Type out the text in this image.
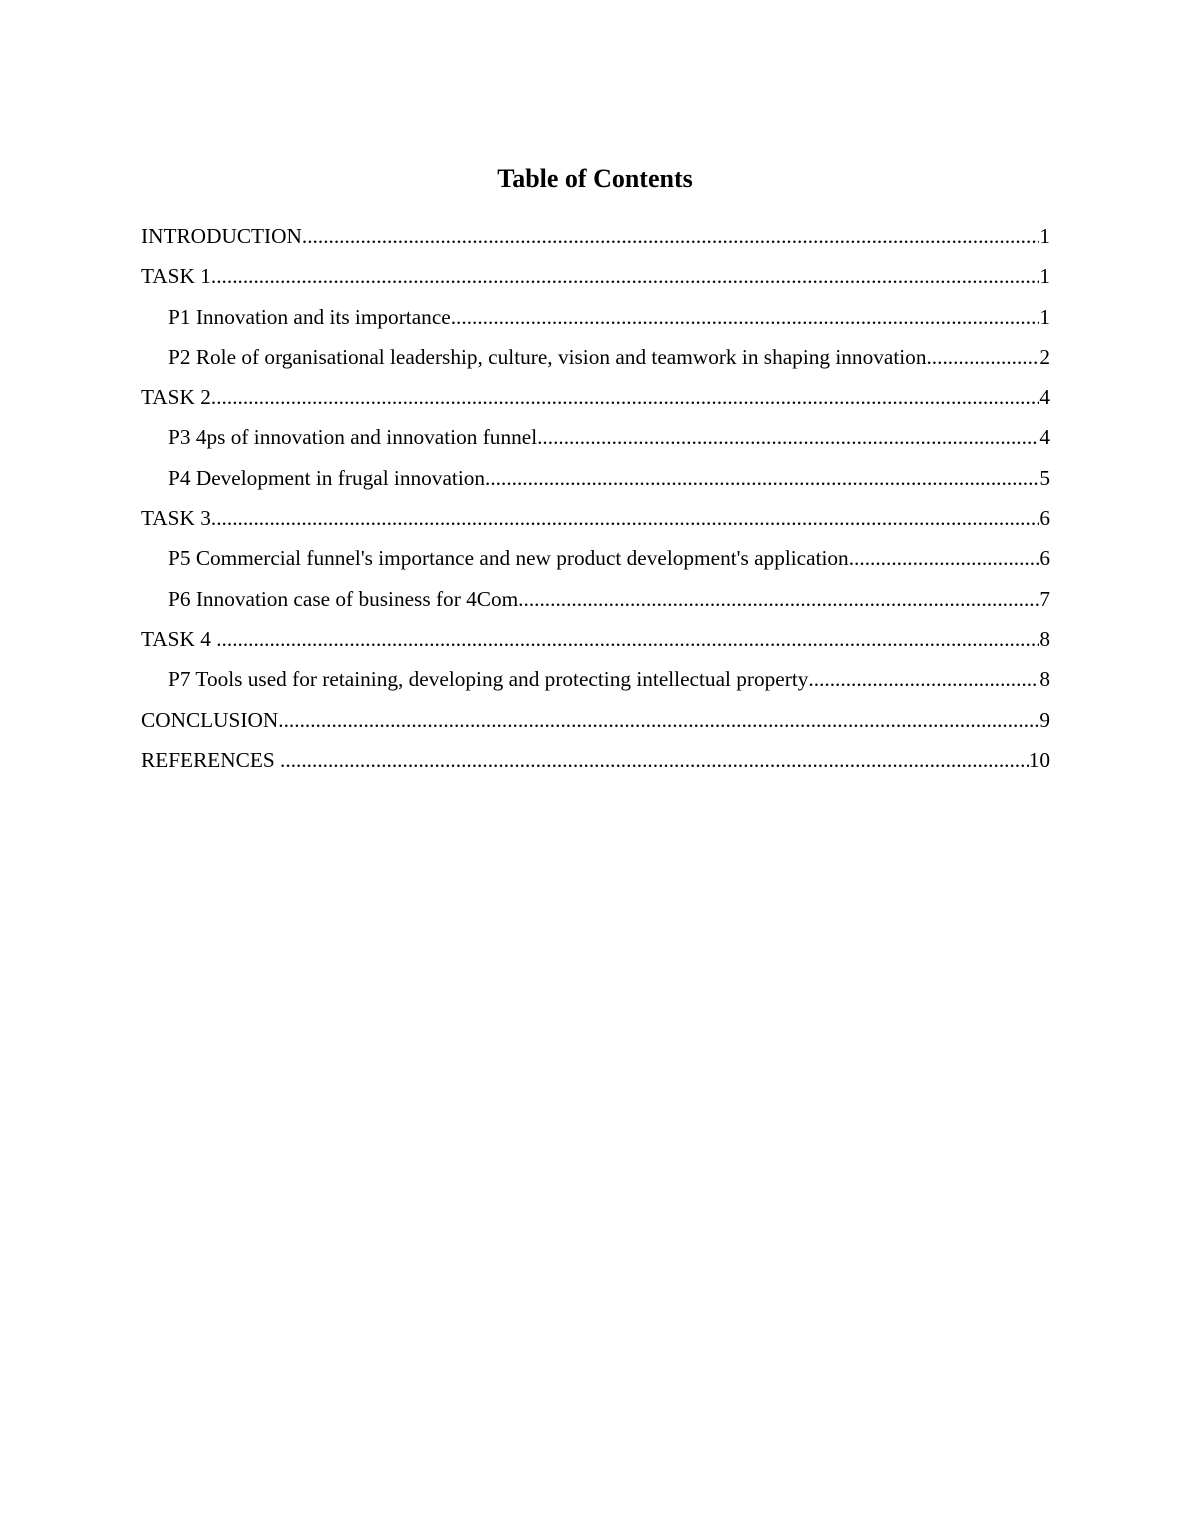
Table of Contents
INTRODUCTION .....	1
TASK 1 .....	1
P1 Innovation and its importance .....	1
P2 Role of organisational leadership, culture, vision and teamwork in shaping innovation. .....	2
TASK 2 .....	4
P3 4ps of innovation and innovation funnel .....	4
P4 Development in frugal innovation .....	5
TASK 3 .....	6
P5 Commercial funnel's importance and new product development's application .....	6
P6 Innovation case of business for 4Com .....	7
TASK 4 .....	8
P7 Tools used for retaining, developing and protecting intellectual property .....	8
CONCLUSION .....	9
REFERENCES .....	10
